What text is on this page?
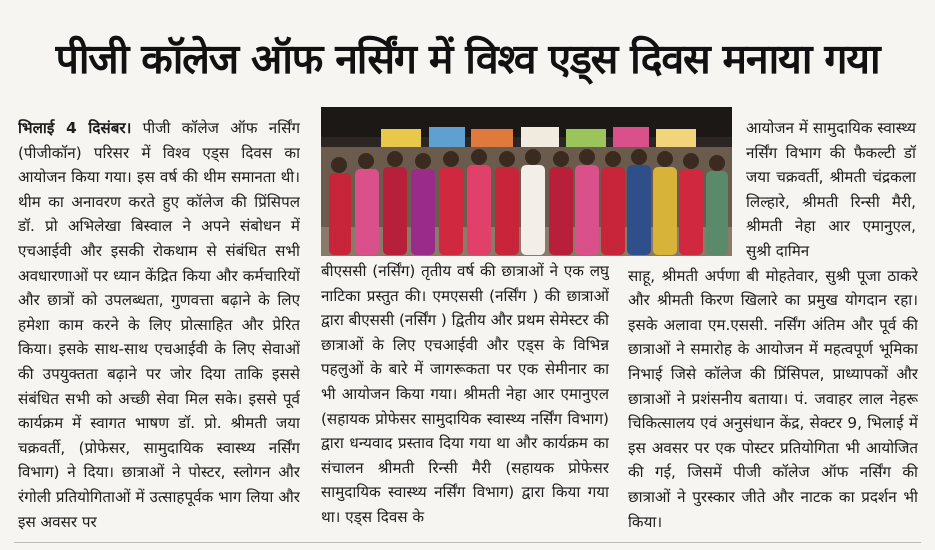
पीजी कॉलेज ऑफ नर्सिंग में विश्व एड्स दिवस मनाया गया

भिलाई 4 दिसंबर। पीजी कॉलेज ऑफ नर्सिंग (पीजीकॉन) परिसर में विश्व एड्स दिवस का आयोजन किया गया। इस वर्ष की थीम समानता थी। थीम का अनावरण करते हुए कॉलेज की प्रिंसिपल डॉ. प्रो अभिलेखा बिस्वाल ने अपने संबोधन में एचआईवी और इसकी रोकथाम से संबंधित सभी अवधारणाओं पर ध्यान केंद्रित किया और कर्मचारियों और छात्रों को उपलब्धता, गुणवत्ता बढ़ाने के लिए हमेशा काम करने के लिए प्रोत्साहित और प्रेरित किया। इसके साथ-साथ एचआईवी के लिए सेवाओं की उपयुक्तता बढ़ाने पर जोर दिया ताकि इससे संबंधित सभी को अच्छी सेवा मिल सके। इससे पूर्व कार्यक्रम में स्वागत भाषण डॉ. प्रो. श्रीमती जया चक्रवर्ती, (प्रोफेसर, सामुदायिक स्वास्थ्य नर्सिंग विभाग) ने दिया। छात्राओं ने पोस्टर, स्लोगन और रंगोली प्रतियोगिताओं में उत्साहपूर्वक भाग लिया और इस अवसर पर

बीएससी (नर्सिंग) तृतीय वर्ष की छात्राओं ने एक लघु नाटिका प्रस्तुत की। एमएससी (नर्सिंग ) की छात्राओं द्वारा बीएससी (नर्सिंग ) द्वितीय और प्रथम सेमेस्टर की छात्राओं के लिए एचआईवी और एड्स के विभिन्न पहलुओं के बारे में जागरूकता पर एक सेमीनार का भी आयोजन किया गया। श्रीमती नेहा आर एमानुएल (सहायक प्रोफेसर सामुदायिक स्वास्थ्य नर्सिंग विभाग) द्वारा धन्यवाद प्रस्ताव दिया गया था और कार्यक्रम का संचालन श्रीमती रिन्सी मैरी (सहायक प्रोफेसर सामुदायिक स्वास्थ्य नर्सिंग विभाग) द्वारा किया गया था। एड्स दिवस के

आयोजन में सामुदायिक स्वास्थ्य नर्सिंग विभाग की फैकल्टी डॉ जया चक्रवर्ती, श्रीमती चंद्रकला लिल्हारे, श्रीमती रिन्सी मैरी, श्रीमती नेहा आर एमानुएल, सुश्री दामिन

साहू, श्रीमती अर्पणा बी मोहतेवार, सुश्री पूजा ठाकरे और श्रीमती किरण खिलारे का प्रमुख योगदान रहा। इसके अलावा एम.एससी. नर्सिंग अंतिम और पूर्व की छात्राओं ने समारोह के आयोजन में महत्वपूर्ण भूमिका निभाई जिसे कॉलेज की प्रिंसिपल, प्राध्यापकों और छात्राओं ने प्रशंसनीय बताया। पं. जवाहर लाल नेहरू चिकित्सालय एवं अनुसंधान केंद्र, सेक्टर 9, भिलाई में इस अवसर पर एक पोस्टर प्रतियोगिता भी आयोजित की गई, जिसमें पीजी कॉलेज ऑफ नर्सिंग की छात्राओं ने पुरस्कार जीते और नाटक का प्रदर्शन भी किया।
